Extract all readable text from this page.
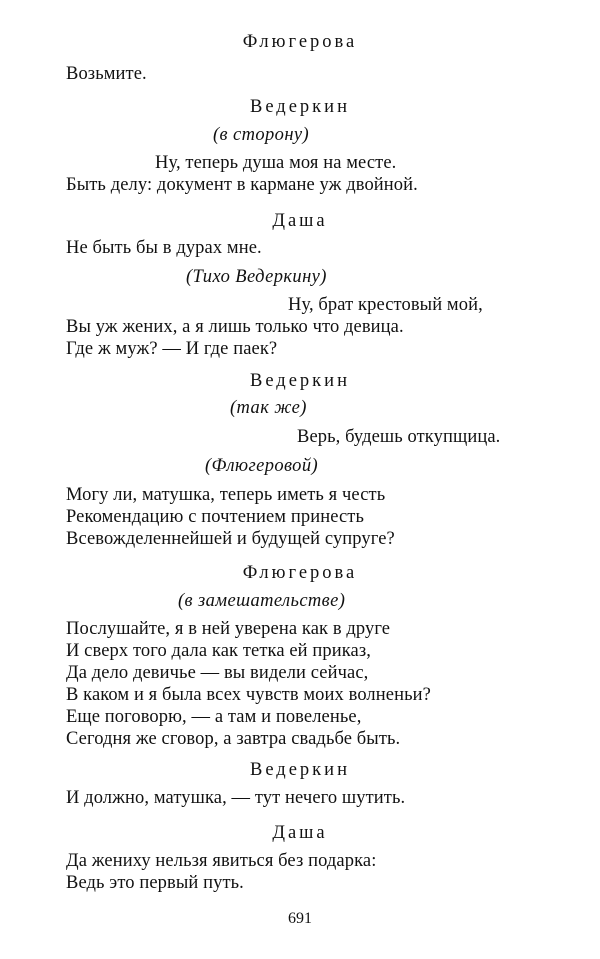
Флюгерова

Возьмите.

Ведеркин

(в сторону)

Ну, теперь душа моя на месте.

Быть делу: документ в кармане уж двойной.

Даша

Не быть бы в дурах мне.

(Тихо Ведеркину)

Ну, брат крестовый мой,

Вы уж жених, а я лишь только что девица.

Где ж муж? — И где паек?

Ведеркин

(так же)

Верь, будешь откупщица.

(Флюгеровой)

Могу ли, матушка, теперь иметь я честь

Рекомендацию с почтением принесть

Всевожделеннейшей и будущей супруге?

Флюгерова

(в замешательстве)

Послушайте, я в ней уверена как в друге

И сверх того дала как тетка ей приказ,

Да дело девичье — вы видели сейчас,

В каком и я была всех чувств моих волненьи?

Еще поговорю, — а там и повеленье,

Сегодня же сговор, а завтра свадьбе быть.

Ведеркин

И должно, матушка, — тут нечего шутить.

Даша

Да жениху нельзя явиться без подарка:

Ведь это первый путь.

691
